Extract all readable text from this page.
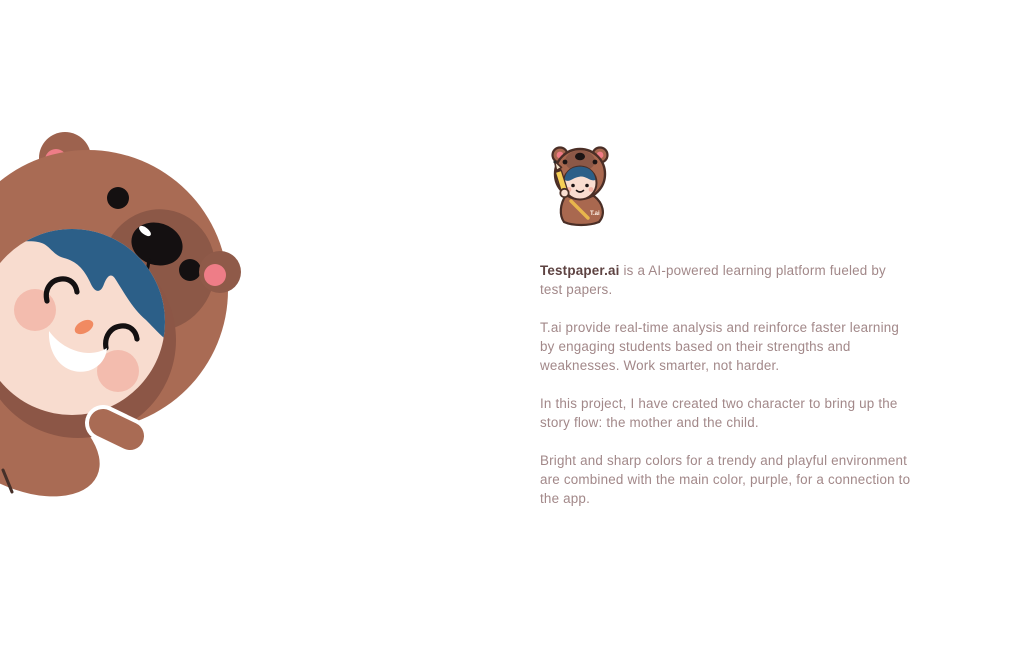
T.ai

Testpaper.ai is a AI-powered learning platform fueled by test papers.

T.ai provide real-time analysis and reinforce faster learning by engaging students based on their strengths and weaknesses. Work smarter, not harder.

In this project, I have created two character to bring up the story flow: the mother and the child.

Bright and sharp colors for a trendy and playful environment are combined with the main color, purple, for a connection to the app.
